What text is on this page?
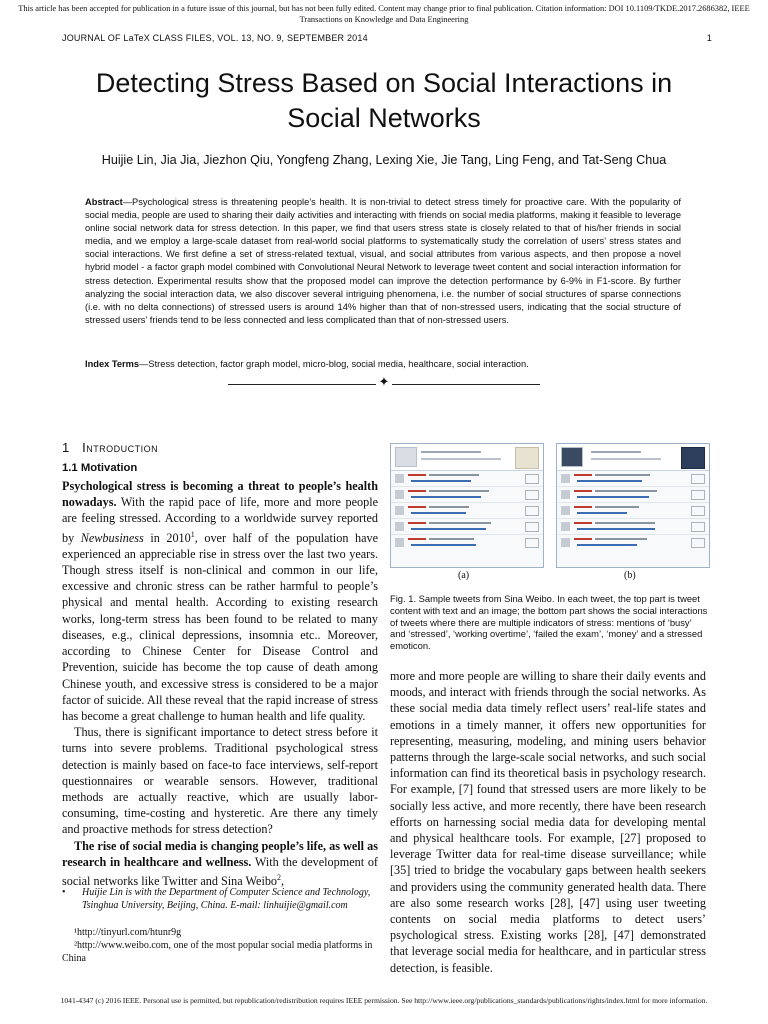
This article has been accepted for publication in a future issue of this journal, but has not been fully edited. Content may change prior to final publication. Citation information: DOI 10.1109/TKDE.2017.2686382, IEEE
Transactions on Knowledge and Data Engineering
JOURNAL OF LaTeX CLASS FILES, VOL. 13, NO. 9, SEPTEMBER 2014	1
Detecting Stress Based on Social Interactions in
Social Networks
Huijie Lin, Jia Jia, Jiezhon Qiu, Yongfeng Zhang, Lexing Xie, Jie Tang, Ling Feng, and Tat-Seng Chua
Abstract—Psychological stress is threatening people’s health. It is non-trivial to detect stress timely for proactive care. With the popularity of social media, people are used to sharing their daily activities and interacting with friends on social media platforms, making it feasible to leverage online social network data for stress detection. In this paper, we find that users stress state is closely related to that of his/her friends in social media, and we employ a large-scale dataset from real-world social platforms to systematically study the correlation of users’ stress states and social interactions. We first define a set of stress-related textual, visual, and social attributes from various aspects, and then propose a novel hybrid model - a factor graph model combined with Convolutional Neural Network to leverage tweet content and social interaction information for stress detection. Experimental results show that the proposed model can improve the detection performance by 6-9% in F1-score. By further analyzing the social interaction data, we also discover several intriguing phenomena, i.e. the number of social structures of sparse connections (i.e. with no delta connections) of stressed users is around 14% higher than that of non-stressed users, indicating that the social structure of stressed users’ friends tend to be less connected and less complicated than that of non-stressed users.
Index Terms—Stress detection, factor graph model, micro-blog, social media, healthcare, social interaction.
✦
1 Introduction
1.1 Motivation

Psychological stress is becoming a threat to people’s health nowadays. With the rapid pace of life, more and more people are feeling stressed. According to a worldwide survey reported by Newbusiness in 2010$^1$, over half of the population have experienced an appreciable rise in stress over the last two years. Though stress itself is non-clinical and common in our life, excessive and chronic stress can be rather harmful to people’s physical and mental health. According to existing research works, long-term stress has been found to be related to many diseases, e.g., clinical depressions, insomnia etc.. Moreover, according to Chinese Center for Disease Control and Prevention, suicide has become the top cause of death among Chinese youth, and excessive stress is considered to be a major factor of suicide. All these reveal that the rapid increase of stress has become a great challenge to human health and life quality.

Thus, there is significant importance to detect stress before it turns into severe problems. Traditional psychological stress detection is mainly based on face-to face interviews, self-report questionnaires or wearable sensors. However, traditional methods are actually reactive, which are usually labor-consuming, time-costing and hysteretic. Are there any timely and proactive methods for stress detection?

The rise of social media is changing people’s life, as well as research in healthcare and wellness. With the development of social networks like Twitter and Sina Weibo$^2$,

• Huijie Lin is with the Department of Computer Science and Technology, Tsinghua University, Beijing, China. E-mail: linhuijie@gmail.com
¹http://tinyurl.com/htunr9g
²http://www.weibo.com, one of the most popular social media platforms in China
(a)	(b)
Fig. 1. Sample tweets from Sina Weibo. In each tweet, the top part is tweet content with text and an image; the bottom part shows the social interactions of tweets where there are multiple indicators of stress: mentions of ‘busy’ and ‘stressed’, ‘working overtime’, ‘failed the exam’, ‘money’ and a stressed emoticon.

more and more people are willing to share their daily events and moods, and interact with friends through the social networks. As these social media data timely reflect users’ real-life states and emotions in a timely manner, it offers new opportunities for representing, measuring, modeling, and mining users behavior patterns through the large-scale social networks, and such social information can find its theoretical basis in psychology research. For example, [7] found that stressed users are more likely to be socially less active, and more recently, there have been research efforts on harnessing social media data for developing mental and physical healthcare tools. For example, [27] proposed to leverage Twitter data for real-time disease surveillance; while [35] tried to bridge the vocabulary gaps between health seekers and providers using the community generated health data. There are also some research works [28], [47] using user tweeting contents on social media platforms to detect users’ psychological stress. Existing works [28], [47] demonstrated that leverage social media for healthcare, and in particular stress detection, is feasible.

1041-4347 (c) 2016 IEEE. Personal use is permitted, but republication/redistribution requires IEEE permission. See http://www.ieee.org/publications_standards/publications/rights/index.html for more information.
